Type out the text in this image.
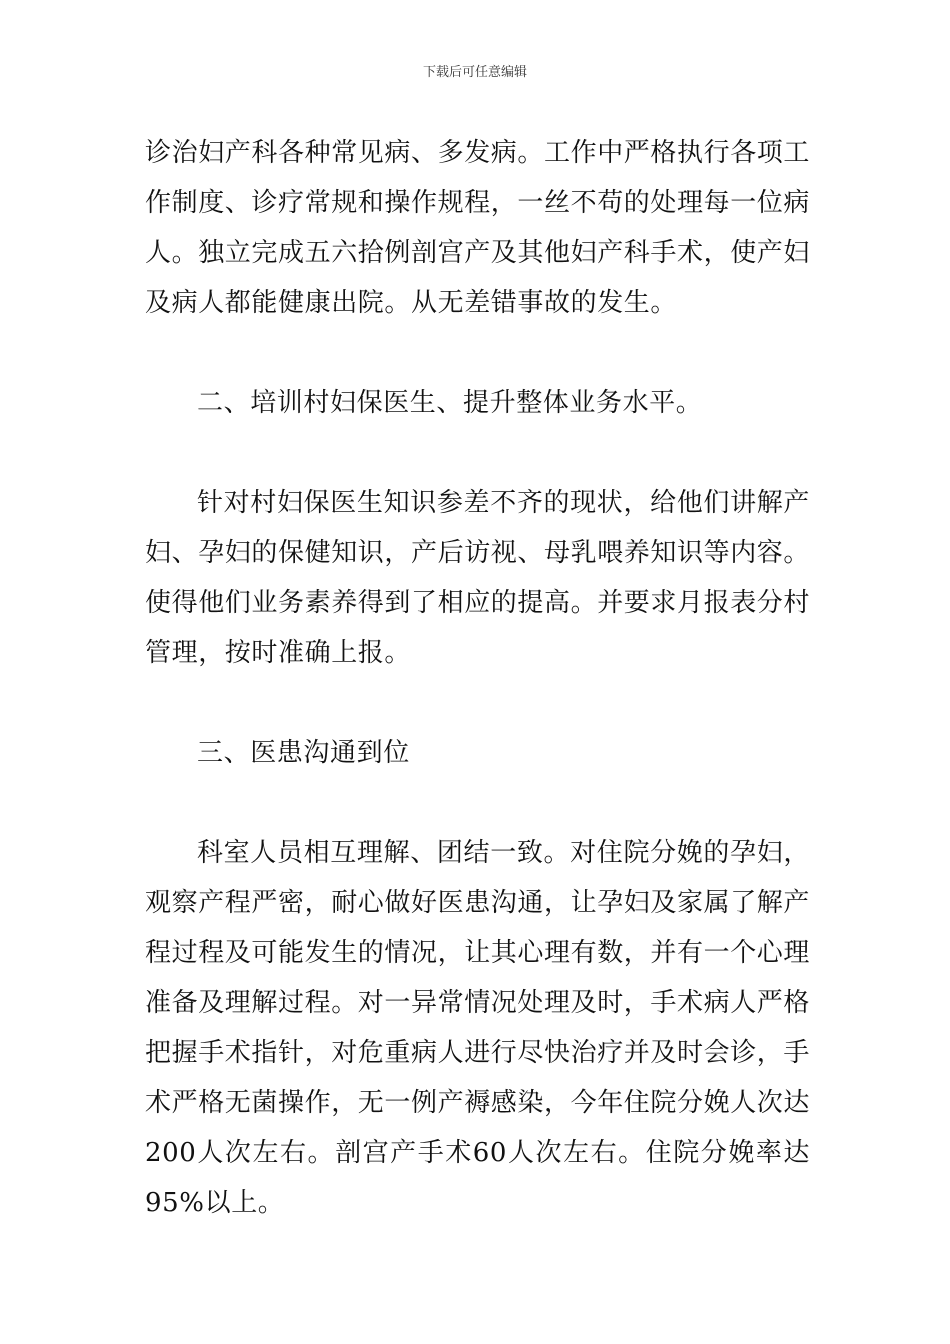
下载后可任意编辑

诊治妇产科各种常见病、多发病。工作中严格执行各项工作制度、诊疗常规和操作规程，一丝不苟的处理每一位病人。独立完成五六拾例剖宫产及其他妇产科手术，使产妇及病人都能健康出院。从无差错事故的发生。

二、培训村妇保医生、提升整体业务水平。

针对村妇保医生知识参差不齐的现状，给他们讲解产妇、孕妇的保健知识，产后访视、母乳喂养知识等内容。使得他们业务素养得到了相应的提高。并要求月报表分村管理，按时准确上报。

三、医患沟通到位

科室人员相互理解、团结一致。对住院分娩的孕妇，观察产程严密，耐心做好医患沟通，让孕妇及家属了解产程过程及可能发生的情况，让其心理有数，并有一个心理准备及理解过程。对一异常情况处理及时，手术病人严格把握手术指针，对危重病人进行尽快治疗并及时会诊，手术严格无菌操作，无一例产褥感染，今年住院分娩人次达200人次左右。剖宫产手术60人次左右。住院分娩率达95%以上。
